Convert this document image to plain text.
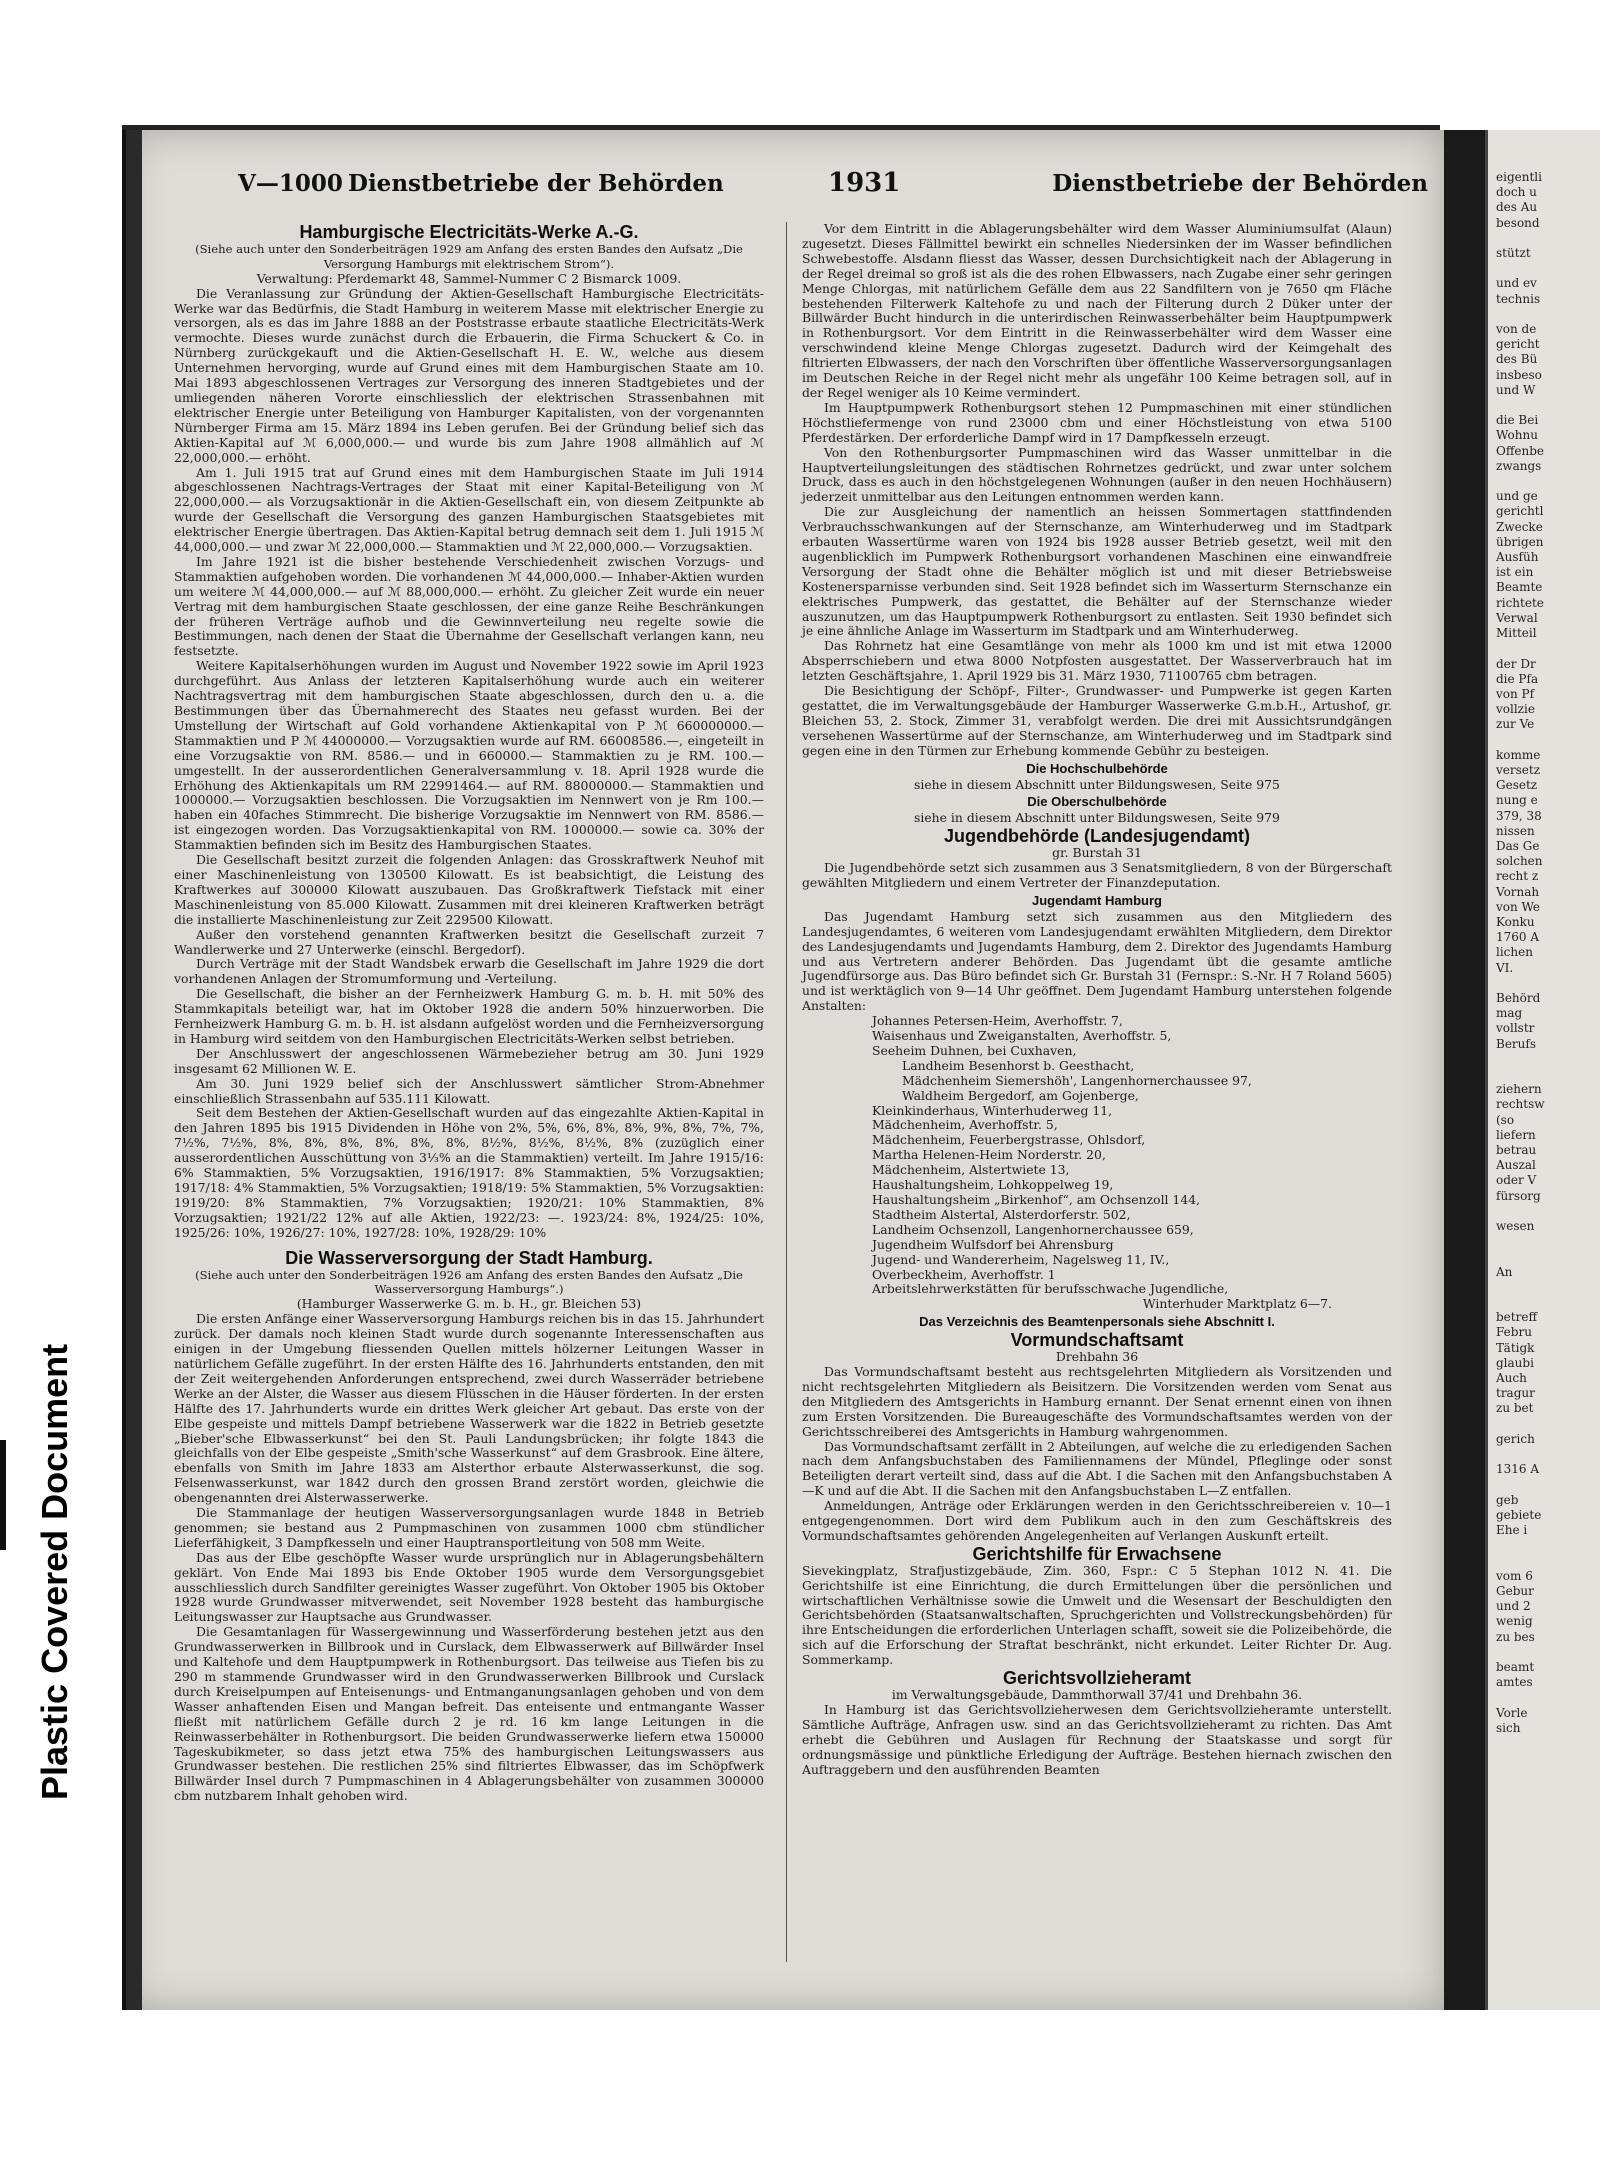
Plastic Covered Document
eigentli
doch u
des Au
besond

stützt

und ev
technis

von de
gericht
des Bü
insbeso
und W

die Bei
Wohnu
Offenbe
zwangs

und ge
gerichtl
Zwecke
übrigen
Ausfüh
ist ein
Beamte
richtete
Verwal
Mitteil

der Dr
die Pfa
von Pf
vollzie
zur Ve

komme
versetz
Gesetz
nung e
379, 38
nissen
Das Ge
solchen
recht z
Vornah
von We
Konku
1760 A
lichen
VI.

Behörd
mag
vollstr
Berufs

ziehern
rechtsw
(so
liefern
betrau
Auszal
oder V
fürsorg

wesen

An

betreff
Febru
Tätigk
glaubi
Auch
tragur
zu bet

gerich

1316 A

geb
gebiete
Ehe i

vom 6
Gebur
und 2
wenig
zu bes

beamt
amtes

Vorle
sich
V—1000 Dienstbetriebe der Behörden	1931	Dienstbetriebe der Behörden
Hamburgische Electricitäts-Werke A.-G.

(Siehe auch unter den Sonderbeiträgen 1929 am Anfang des ersten Bandes den Aufsatz „Die Versorgung Hamburgs mit elektrischem Strom“).

Verwaltung: Pferdemarkt 48, Sammel-Nummer C 2 Bismarck 1009.

Die Veranlassung zur Gründung der Aktien-Gesellschaft Hamburgische Electricitäts-Werke war das Bedürfnis, die Stadt Hamburg in weiterem Masse mit elektrischer Energie zu versorgen, als es das im Jahre 1888 an der Poststrasse erbaute staatliche Electricitäts-Werk vermochte. Dieses wurde zunächst durch die Erbauerin, die Firma Schuckert & Co. in Nürnberg zurückgekauft und die Aktien-Gesellschaft H. E. W., welche aus diesem Unternehmen hervorging, wurde auf Grund eines mit dem Hamburgischen Staate am 10. Mai 1893 abgeschlossenen Vertrages zur Versorgung des inneren Stadtgebietes und der umliegenden näheren Vororte einschliesslich der elektrischen Strassenbahnen mit elektrischer Energie unter Beteiligung von Hamburger Kapitalisten, von der vorgenannten Nürnberger Firma am 15. März 1894 ins Leben gerufen. Bei der Gründung belief sich das Aktien-Kapital auf ℳ 6,000,000.— und wurde bis zum Jahre 1908 allmählich auf ℳ 22,000,000.— erhöht.

Am 1. Juli 1915 trat auf Grund eines mit dem Hamburgischen Staate im Juli 1914 abgeschlossenen Nachtrags-Vertrages der Staat mit einer Kapital-Beteiligung von ℳ 22,000,000.— als Vorzugsaktionär in die Aktien-Gesellschaft ein, von diesem Zeitpunkte ab wurde der Gesellschaft die Versorgung des ganzen Hamburgischen Staatsgebietes mit elektrischer Energie übertragen. Das Aktien-Kapital betrug demnach seit dem 1. Juli 1915 ℳ 44,000,000.— und zwar ℳ 22,000,000.— Stammaktien und ℳ 22,000,000.— Vorzugsaktien.

Im Jahre 1921 ist die bisher bestehende Verschiedenheit zwischen Vorzugs- und Stammaktien aufgehoben worden. Die vorhandenen ℳ 44,000,000.— Inhaber-Aktien wurden um weitere ℳ 44,000,000.— auf ℳ 88,000,000.— erhöht. Zu gleicher Zeit wurde ein neuer Vertrag mit dem hamburgischen Staate geschlossen, der eine ganze Reihe Beschränkungen der früheren Verträge aufhob und die Gewinnverteilung neu regelte sowie die Bestimmungen, nach denen der Staat die Übernahme der Gesellschaft verlangen kann, neu festsetzte.

Weitere Kapitalserhöhungen wurden im August und November 1922 sowie im April 1923 durchgeführt. Aus Anlass der letzteren Kapitalserhöhung wurde auch ein weiterer Nachtragsvertrag mit dem hamburgischen Staate abgeschlossen, durch den u. a. die Bestimmungen über das Übernahmerecht des Staates neu gefasst wurden. Bei der Umstellung der Wirtschaft auf Gold vorhandene Aktienkapital von P ℳ 660000000.— Stammaktien und P ℳ 44000000.— Vorzugsaktien wurde auf RM. 66008586.—, eingeteilt in eine Vorzugsaktie von RM. 8586.— und in 660000.— Stammaktien zu je RM. 100.— umgestellt. In der ausserordentlichen Generalversammlung v. 18. April 1928 wurde die Erhöhung des Aktienkapitals um RM 22991464.— auf RM. 88000000.— Stammaktien und 1000000.— Vorzugsaktien beschlossen. Die Vorzugsaktien im Nennwert von je Rm 100.— haben ein 40faches Stimmrecht. Die bisherige Vorzugsaktie im Nennwert von RM. 8586.— ist eingezogen worden. Das Vorzugsaktienkapital von RM. 1000000.— sowie ca. 30% der Stammaktien befinden sich im Besitz des Hamburgischen Staates.

Die Gesellschaft besitzt zurzeit die folgenden Anlagen: das Grosskraftwerk Neuhof mit einer Maschinenleistung von 130500 Kilowatt. Es ist beabsichtigt, die Leistung des Kraftwerkes auf 300000 Kilowatt auszubauen. Das Großkraftwerk Tiefstack mit einer Maschinenleistung von 85.000 Kilowatt. Zusammen mit drei kleineren Kraftwerken beträgt die installierte Maschinenleistung zur Zeit 229500 Kilowatt.

Außer den vorstehend genannten Kraftwerken besitzt die Gesellschaft zurzeit 7 Wandlerwerke und 27 Unterwerke (einschl. Bergedorf).

Durch Verträge mit der Stadt Wandsbek erwarb die Gesellschaft im Jahre 1929 die dort vorhandenen Anlagen der Stromumformung und -Verteilung.

Die Gesellschaft, die bisher an der Fernheizwerk Hamburg G. m. b. H. mit 50% des Stammkapitals beteiligt war, hat im Oktober 1928 die andern 50% hinzuerworben. Die Fernheizwerk Hamburg G. m. b. H. ist alsdann aufgelöst worden und die Fernheizversorgung in Hamburg wird seitdem von den Hamburgischen Electricitäts-Werken selbst betrieben.

Der Anschlusswert der angeschlossenen Wärmebezieher betrug am 30. Juni 1929 insgesamt 62 Millionen W. E.

Am 30. Juni 1929 belief sich der Anschlusswert sämtlicher Strom-Abnehmer einschließlich Strassenbahn auf 535.111 Kilowatt.

Seit dem Bestehen der Aktien-Gesellschaft wurden auf das eingezahlte Aktien-Kapital in den Jahren 1895 bis 1915 Dividenden in Höhe von 2%, 5%, 6%, 8%, 8%, 9%, 8%, 7%, 7%, 7½%, 7½%, 8%, 8%, 8%, 8%, 8%, 8%, 8½%, 8½%, 8½%, 8% (zuzüglich einer ausserordentlichen Ausschüttung von 3⅓% an die Stammaktien) verteilt. Im Jahre 1915/16: 6% Stammaktien, 5% Vorzugsaktien, 1916/1917: 8% Stammaktien, 5% Vorzugsaktien; 1917/18: 4% Stammaktien, 5% Vorzugsaktien; 1918/19: 5% Stammaktien, 5% Vorzugsaktien: 1919/20: 8% Stammaktien, 7% Vorzugsaktien; 1920/21: 10% Stammaktien, 8% Vorzugsaktien; 1921/22 12% auf alle Aktien, 1922/23: —. 1923/24: 8%, 1924/25: 10%, 1925/26: 10%, 1926/27: 10%, 1927/28: 10%, 1928/29: 10%

Die Wasserversorgung der Stadt Hamburg.

(Siehe auch unter den Sonderbeiträgen 1926 am Anfang des ersten Bandes den Aufsatz „Die Wasserversorgung Hamburgs“.)

(Hamburger Wasserwerke G. m. b. H., gr. Bleichen 53)

Die ersten Anfänge einer Wasserversorgung Hamburgs reichen bis in das 15. Jahrhundert zurück. Der damals noch kleinen Stadt wurde durch sogenannte Interessenschaften aus einigen in der Umgebung fliessenden Quellen mittels hölzerner Leitungen Wasser in natürlichem Gefälle zugeführt. In der ersten Hälfte des 16. Jahrhunderts entstanden, den mit der Zeit weitergehenden Anforderungen entsprechend, zwei durch Wasserräder betriebene Werke an der Alster, die Wasser aus diesem Flüsschen in die Häuser förderten. In der ersten Hälfte des 17. Jahrhunderts wurde ein drittes Werk gleicher Art gebaut. Das erste von der Elbe gespeiste und mittels Dampf betriebene Wasserwerk war die 1822 in Betrieb gesetzte „Bieber'sche Elbwasserkunst“ bei den St. Pauli Landungsbrücken; ihr folgte 1843 die gleichfalls von der Elbe gespeiste „Smith'sche Wasserkunst“ auf dem Grasbrook. Eine ältere, ebenfalls von Smith im Jahre 1833 am Alsterthor erbaute Alsterwasserkunst, die sog. Felsenwasserkunst, war 1842 durch den grossen Brand zerstört worden, gleichwie die obengenannten drei Alsterwasserwerke.

Die Stammanlage der heutigen Wasserversorgungsanlagen wurde 1848 in Betrieb genommen; sie bestand aus 2 Pumpmaschinen von zusammen 1000 cbm stündlicher Lieferfähigkeit, 3 Dampfkesseln und einer Hauptransportleitung von 508 mm Weite.

Das aus der Elbe geschöpfte Wasser wurde ursprünglich nur in Ablagerungsbehältern geklärt. Von Ende Mai 1893 bis Ende Oktober 1905 wurde dem Versorgungsgebiet ausschliesslich durch Sandfilter gereinigtes Wasser zugeführt. Von Oktober 1905 bis Oktober 1928 wurde Grundwasser mitverwendet, seit November 1928 besteht das hamburgische Leitungswasser zur Hauptsache aus Grundwasser.

Die Gesamtanlagen für Wassergewinnung und Wasserförderung bestehen jetzt aus den Grundwasserwerken in Billbrook und in Curslack, dem Elbwasserwerk auf Billwärder Insel und Kaltehofe und dem Hauptpumpwerk in Rothenburgsort. Das teilweise aus Tiefen bis zu 290 m stammende Grundwasser wird in den Grundwasserwerken Billbrook und Curslack durch Kreiselpumpen auf Enteisenungs- und Entmanganungsanlagen gehoben und von dem Wasser anhaftenden Eisen und Mangan befreit. Das enteisente und entmangante Wasser fließt mit natürlichem Gefälle durch 2 je rd. 16 km lange Leitungen in die Reinwasserbehälter in Rothenburgsort. Die beiden Grundwasserwerke liefern etwa 150000 Tageskubikmeter, so dass jetzt etwa 75% des hamburgischen Leitungswassers aus Grundwasser bestehen. Die restlichen 25% sind filtriertes Elbwasser, das im Schöpfwerk Billwärder Insel durch 7 Pumpmaschinen in 4 Ablagerungsbehälter von zusammen 300000 cbm nutzbarem Inhalt gehoben wird.

Vor dem Eintritt in die Ablagerungsbehälter wird dem Wasser Aluminiumsulfat (Alaun) zugesetzt. Dieses Fällmittel bewirkt ein schnelles Niedersinken der im Wasser befindlichen Schwebestoffe. Alsdann fliesst das Wasser, dessen Durchsichtigkeit nach der Ablagerung in der Regel dreimal so groß ist als die des rohen Elbwassers, nach Zugabe einer sehr geringen Menge Chlorgas, mit natürlichem Gefälle dem aus 22 Sandfiltern von je 7650 qm Fläche bestehenden Filterwerk Kaltehofe zu und nach der Filterung durch 2 Düker unter der Billwärder Bucht hindurch in die unterirdischen Reinwasserbehälter beim Hauptpumpwerk in Rothenburgsort. Vor dem Eintritt in die Reinwasserbehälter wird dem Wasser eine verschwindend kleine Menge Chlorgas zugesetzt. Dadurch wird der Keimgehalt des filtrierten Elbwassers, der nach den Vorschriften über öffentliche Wasserversorgungsanlagen im Deutschen Reiche in der Regel nicht mehr als ungefähr 100 Keime betragen soll, auf in der Regel weniger als 10 Keime vermindert.

Im Hauptpumpwerk Rothenburgsort stehen 12 Pumpmaschinen mit einer stündlichen Höchstliefermenge von rund 23000 cbm und einer Höchstleistung von etwa 5100 Pferdestärken. Der erforderliche Dampf wird in 17 Dampfkesseln erzeugt.

Von den Rothenburgsorter Pumpmaschinen wird das Wasser unmittelbar in die Hauptverteilungsleitungen des städtischen Rohrnetzes gedrückt, und zwar unter solchem Druck, dass es auch in den höchstgelegenen Wohnungen (außer in den neuen Hochhäusern) jederzeit unmittelbar aus den Leitungen entnommen werden kann.

Die zur Ausgleichung der namentlich an heissen Sommertagen stattfindenden Verbrauchsschwankungen auf der Sternschanze, am Winterhuderweg und im Stadtpark erbauten Wassertürme waren von 1924 bis 1928 ausser Betrieb gesetzt, weil mit den augenblicklich im Pumpwerk Rothenburgsort vorhandenen Maschinen eine einwandfreie Versorgung der Stadt ohne die Behälter möglich ist und mit dieser Betriebsweise Kostenersparnisse verbunden sind. Seit 1928 befindet sich im Wasserturm Sternschanze ein elektrisches Pumpwerk, das gestattet, die Behälter auf der Sternschanze wieder auszunutzen, um das Hauptpumpwerk Rothenburgsort zu entlasten. Seit 1930 befindet sich je eine ähnliche Anlage im Wasserturm im Stadtpark und am Winterhuderweg.

Das Rohrnetz hat eine Gesamtlänge von mehr als 1000 km und ist mit etwa 12000 Absperrschiebern und etwa 8000 Notpfosten ausgestattet. Der Wasserverbrauch hat im letzten Geschäftsjahre, 1. April 1929 bis 31. März 1930, 71100765 cbm betragen.

Die Besichtigung der Schöpf-, Filter-, Grundwasser- und Pumpwerke ist gegen Karten gestattet, die im Verwaltungsgebäude der Hamburger Wasserwerke G.m.b.H., Artushof, gr. Bleichen 53, 2. Stock, Zimmer 31, verabfolgt werden. Die drei mit Aussichtsrundgängen versehenen Wassertürme auf der Sternschanze, am Winterhuderweg und im Stadtpark sind gegen eine in den Türmen zur Erhebung kommende Gebühr zu besteigen.

Die Hochschulbehörde

siehe in diesem Abschnitt unter Bildungswesen, Seite 975

Die Oberschulbehörde

siehe in diesem Abschnitt unter Bildungswesen, Seite 979

Jugendbehörde (Landesjugendamt)

gr. Burstah 31

Die Jugendbehörde setzt sich zusammen aus 3 Senatsmitgliedern, 8 von der Bürgerschaft gewählten Mitgliedern und einem Vertreter der Finanzdeputation.

Jugendamt Hamburg

Das Jugendamt Hamburg setzt sich zusammen aus den Mitgliedern des Landesjugendamtes, 6 weiteren vom Landesjugendamt erwählten Mitgliedern, dem Direktor des Landesjugendamts und Jugendamts Hamburg, dem 2. Direktor des Jugendamts Hamburg und aus Vertretern anderer Behörden. Das Jugendamt übt die gesamte amtliche Jugendfürsorge aus. Das Büro befindet sich Gr. Burstah 31 (Fernspr.: S.-Nr. H 7 Roland 5605) und ist werktäglich von 9—14 Uhr geöffnet. Dem Jugendamt Hamburg unterstehen folgende Anstalten:

Johannes Petersen-Heim, Averhoffstr. 7,
Waisenhaus und Zweiganstalten, Averhoffstr. 5,
Seeheim Duhnen, bei Cuxhaven,
Landheim Besenhorst b. Geesthacht,
Mädchenheim Siemershöh', Langenhornerchaussee 97,
Waldheim Bergedorf, am Gojenberge,
Kleinkinderhaus, Winterhuderweg 11,
Mädchenheim, Averhoffstr. 5,
Mädchenheim, Feuerbergstrasse, Ohlsdorf,
Martha Helenen-Heim Norderstr. 20,
Mädchenheim, Alstertwiete 13,
Haushaltungsheim, Lohkoppelweg 19,
Haushaltungsheim „Birkenhof“, am Ochsenzoll 144,
Stadtheim Alstertal, Alsterdorferstr. 502,
Landheim Ochsenzoll, Langenhornerchaussee 659,
Jugendheim Wulfsdorf bei Ahrensburg
Jugend- und Wandererheim, Nagelsweg 11, IV.,
Overbeckheim, Averhoffstr. 1
Arbeitslehrwerkstätten für berufsschwache Jugendliche,

Winterhuder Marktplatz 6—7.

Das Verzeichnis des Beamtenpersonals siehe Abschnitt I.
Vormundschaftsamt

Drehbahn 36

Das Vormundschaftsamt besteht aus rechtsgelehrten Mitgliedern als Vorsitzenden und nicht rechtsgelehrten Mitgliedern als Beisitzern. Die Vorsitzenden werden vom Senat aus den Mitgliedern des Amtsgerichts in Hamburg ernannt. Der Senat ernennt einen von ihnen zum Ersten Vorsitzenden. Die Bureaugeschäfte des Vormundschaftsamtes werden von der Gerichtsschreiberei des Amtsgerichts in Hamburg wahrgenommen.

Das Vormundschaftsamt zerfällt in 2 Abteilungen, auf welche die zu erledigenden Sachen nach dem Anfangsbuchstaben des Familiennamens der Mündel, Pfleglinge oder sonst Beteiligten derart verteilt sind, dass auf die Abt. I die Sachen mit den Anfangsbuchstaben A—K und auf die Abt. II die Sachen mit den Anfangsbuchstaben L—Z entfallen.

Anmeldungen, Anträge oder Erklärungen werden in den Gerichtsschreibereien v. 10—1 entgegengenommen. Dort wird dem Publikum auch in den zum Geschäftskreis des Vormundschaftsamtes gehörenden Angelegenheiten auf Verlangen Auskunft erteilt.

Gerichtshilfe für Erwachsene

Sievekingplatz, Strafjustizgebäude, Zim. 360, Fspr.: C 5 Stephan 1012 N. 41. Die Gerichtshilfe ist eine Einrichtung, die durch Ermittelungen über die persönlichen und wirtschaftlichen Verhältnisse sowie die Umwelt und die Wesensart der Beschuldigten den Gerichtsbehörden (Staatsanwaltschaften, Spruchgerichten und Vollstreckungsbehörden) für ihre Entscheidungen die erforderlichen Unterlagen schafft, soweit sie die Polizeibehörde, die sich auf die Erforschung der Straftat beschränkt, nicht erkundet. Leiter Richter Dr. Aug. Sommerkamp.

Gerichtsvollzieheramt

im Verwaltungsgebäude, Dammthorwall 37/41 und Drehbahn 36.

In Hamburg ist das Gerichtsvollzieherwesen dem Gerichtsvollzieheramte unterstellt. Sämtliche Aufträge, Anfragen usw. sind an das Gerichtsvollzieheramt zu richten. Das Amt erhebt die Gebühren und Auslagen für Rechnung der Staatskasse und sorgt für ordnungsmässige und pünktliche Erledigung der Aufträge. Bestehen hiernach zwischen den Auftraggebern und den ausführenden Beamten
